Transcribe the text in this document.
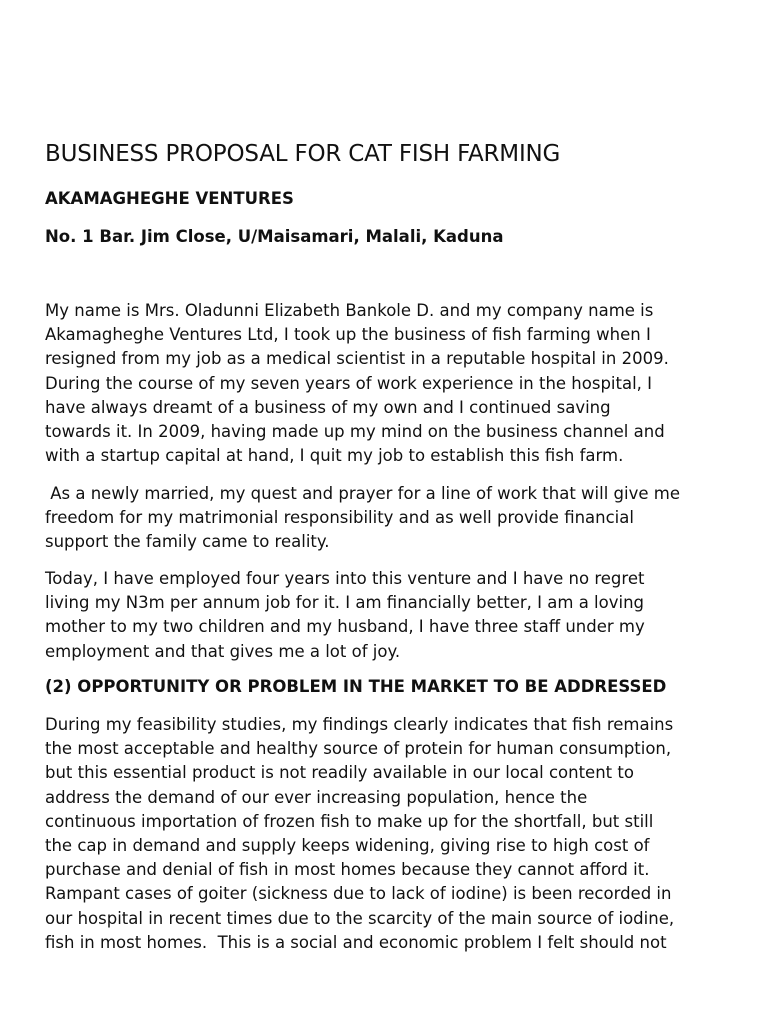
BUSINESS PROPOSAL FOR CAT FISH FARMING

AKAMAGHEGHE VENTURES

No. 1 Bar. Jim Close, U/Maisamari, Malali, Kaduna

My name is Mrs. Oladunni Elizabeth Bankole D. and my company name is
Akamagheghe Ventures Ltd, I took up the business of fish farming when I
resigned from my job as a medical scientist in a reputable hospital in 2009.
During the course of my seven years of work experience in the hospital, I
have always dreamt of a business of my own and I continued saving
towards it. In 2009, having made up my mind on the business channel and
with a startup capital at hand, I quit my job to establish this fish farm.

As a newly married, my quest and prayer for a line of work that will give me
freedom for my matrimonial responsibility and as well provide financial
support the family came to reality.

Today, I have employed four years into this venture and I have no regret
living my N3m per annum job for it. I am financially better, I am a loving
mother to my two children and my husband, I have three staff under my
employment and that gives me a lot of joy.

(2) OPPORTUNITY OR PROBLEM IN THE MARKET TO BE ADDRESSED

During my feasibility studies, my findings clearly indicates that fish remains
the most acceptable and healthy source of protein for human consumption,
but this essential product is not readily available in our local content to
address the demand of our ever increasing population, hence the
continuous importation of frozen fish to make up for the shortfall, but still
the cap in demand and supply keeps widening, giving rise to high cost of
purchase and denial of fish in most homes because they cannot afford it.
Rampant cases of goiter (sickness due to lack of iodine) is been recorded in
our hospital in recent times due to the scarcity of the main source of iodine,
fish in most homes.  This is a social and economic problem I felt should not
